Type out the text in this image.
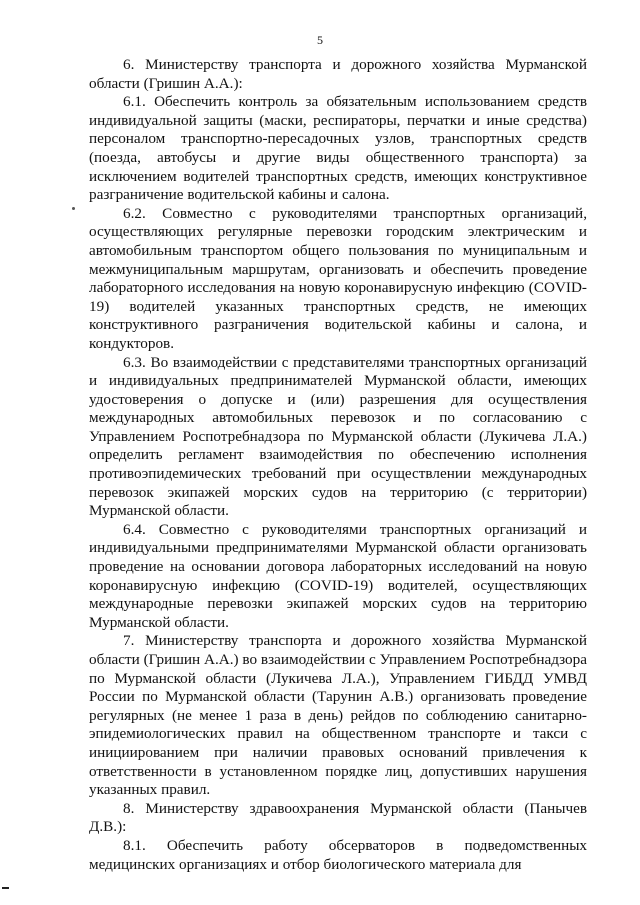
5

6. Министерству транспорта и дорожного хозяйства Мурманской области (Гришин А.А.):

6.1. Обеспечить контроль за обязательным использованием средств индивидуальной защиты (маски, респираторы, перчатки и иные средства) персоналом транспортно-пересадочных узлов, транспортных средств (поезда, автобусы и другие виды общественного транспорта) за исключением водителей транспортных средств, имеющих конструктивное разграничение водительской кабины и салона.

6.2. Совместно с руководителями транспортных организаций, осуществляющих регулярные перевозки городским электрическим и автомобильным транспортом общего пользования по муниципальным и межмуниципальным маршрутам, организовать и обеспечить проведение лабораторного исследования на новую коронавирусную инфекцию (COVID-19) водителей указанных транспортных средств, не имеющих конструктивного разграничения водительской кабины и салона, и кондукторов.

6.3. Во взаимодействии с представителями транспортных организаций и индивидуальных предпринимателей Мурманской области, имеющих удостоверения о допуске и (или) разрешения для осуществления международных автомобильных перевозок и по согласованию с Управлением Роспотребнадзора по Мурманской области (Лукичева Л.А.) определить регламент взаимодействия по обеспечению исполнения противоэпидемических требований при осуществлении международных перевозок экипажей морских судов на территорию (с территории) Мурманской области.

6.4. Совместно с руководителями транспортных организаций и индивидуальными предпринимателями Мурманской области организовать проведение на основании договора лабораторных исследований на новую коронавирусную инфекцию (COVID-19) водителей, осуществляющих международные перевозки экипажей морских судов на территорию Мурманской области.

7. Министерству транспорта и дорожного хозяйства Мурманской области (Гришин А.А.) во взаимодействии с Управлением Роспотребнадзора по Мурманской области (Лукичева Л.А.), Управлением ГИБДД УМВД России по Мурманской области (Тарунин А.В.) организовать проведение регулярных (не менее 1 раза в день) рейдов по соблюдению санитарно-эпидемиологических правил на общественном транспорте и такси с инициированием при наличии правовых оснований привлечения к ответственности в установленном порядке лиц, допустивших нарушения указанных правил.

8. Министерству здравоохранения Мурманской области (Панычев Д.В.):

8.1. Обеспечить работу обсерваторов в подведомственных медицинских организациях и отбор биологического материала для
